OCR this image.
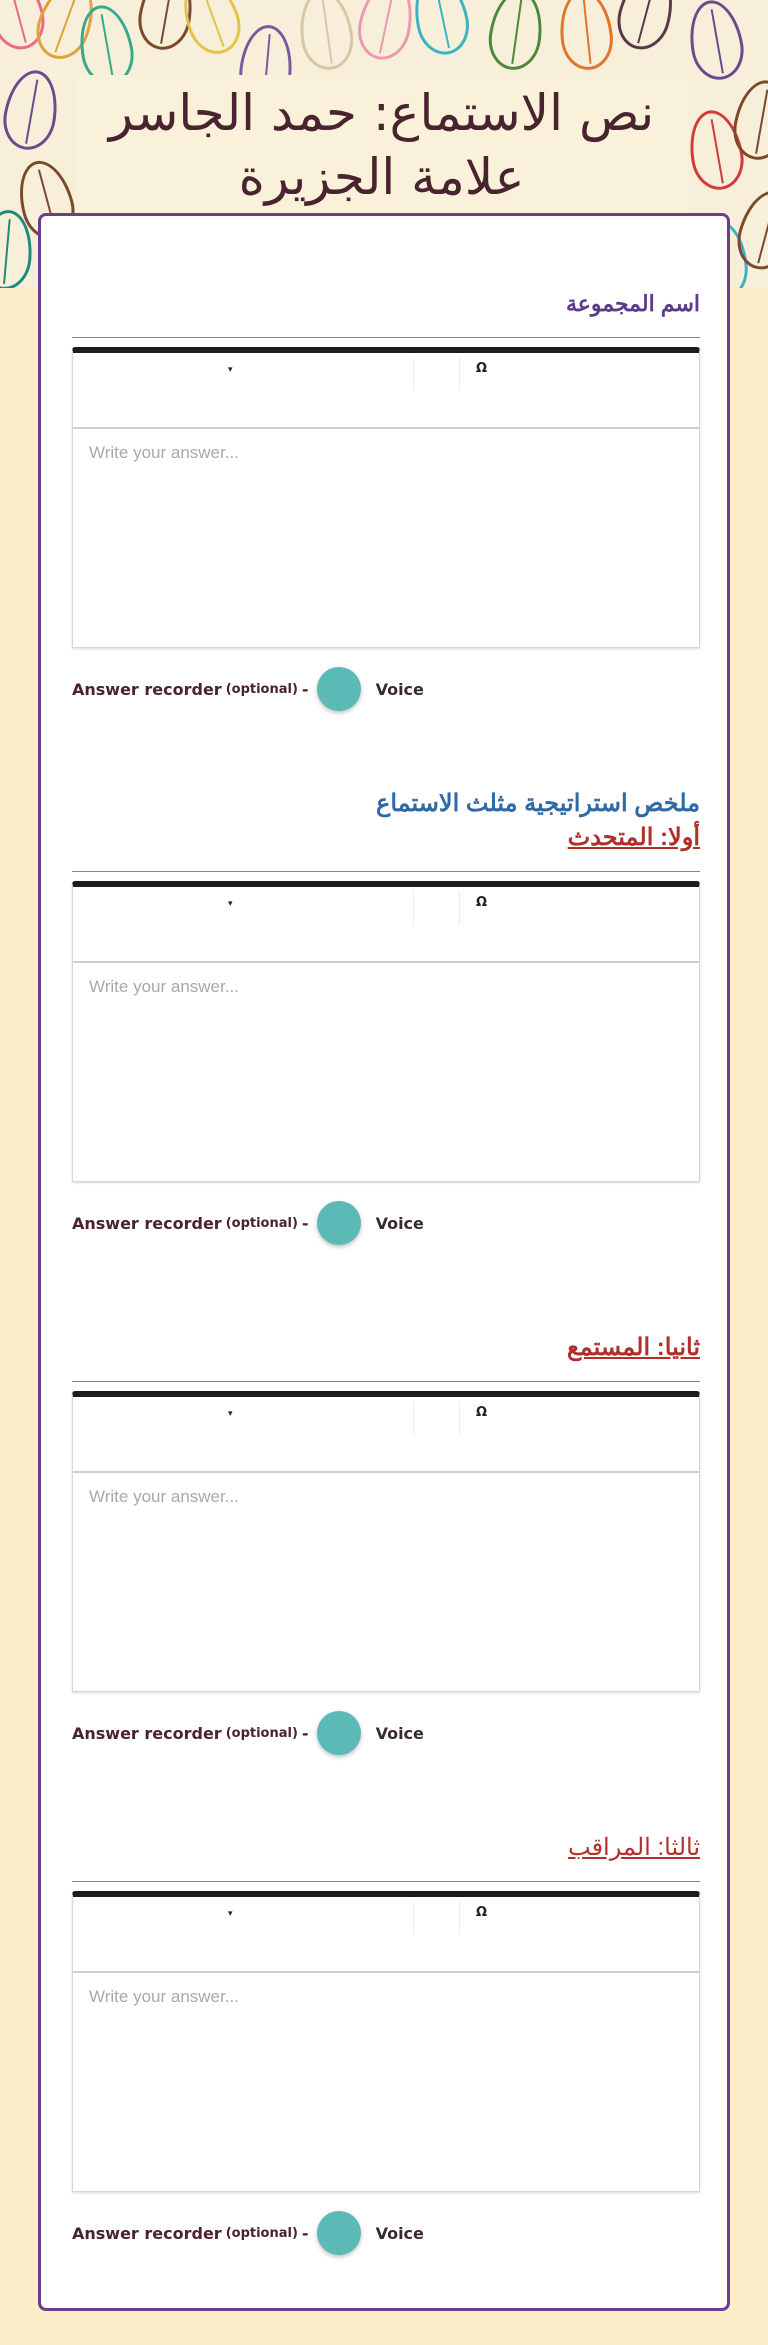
نص الاستماع: حمد الجاسر
علامة الجزيرة
اسم المجموعة
▾	Ω
Write your answer...
Answer recorder (optional) -	Voice
ملخص استراتيجية مثلث الاستماع
أولا: المتحدث
▾	Ω
Write your answer...
Answer recorder (optional) -	Voice
ثانيا: المستمع
▾	Ω
Write your answer...
Answer recorder (optional) -	Voice
ثالثا: المراقب
▾	Ω
Write your answer...
Answer recorder (optional) -	Voice
